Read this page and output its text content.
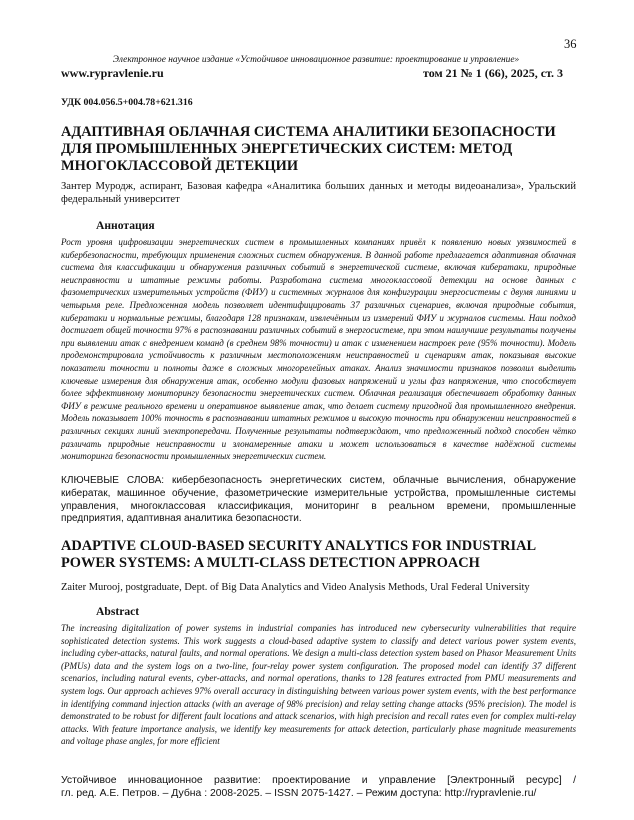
36
Электронное научное издание «Устойчивое инновационное развитие: проектирование и управление»
www.rypravlenie.ru	том 21 № 1 (66), 2025, ст. 3
УДК 004.056.5+004.78+621.316
АДАПТИВНАЯ ОБЛАЧНАЯ СИСТЕМА АНАЛИТИКИ БЕЗОПАСНОСТИ ДЛЯ ПРОМЫШЛЕННЫХ ЭНЕРГЕТИЧЕСКИХ СИСТЕМ: МЕТОД МНОГОКЛАССОВОЙ ДЕТЕКЦИИ
Зантер Муродж, аспирант, Базовая кафедра «Аналитика больших данных и методы видеоанализа», Уральский федеральный университет
Аннотация

Рост уровня цифровизации энергетических систем в промышленных компаниях привёл к появлению новых уязвимостей в кибербезопасности, требующих применения сложных систем обнаружения. В данной работе предлагается адаптивная облачная система для классификации и обнаружения различных событий в энергетической системе, включая кибератаки, природные неисправности и штатные режимы работы. Разработана система многоклассовой детекции на основе данных с фазометрических измерительных устройств (ФИУ) и системных журналов для конфигурации энергосистемы с двумя линиями и четырьмя реле. Предложенная модель позволяет идентифицировать 37 различных сценариев, включая природные события, кибератаки и нормальные режимы, благодаря 128 признакам, извлечённым из измерений ФИУ и журналов системы. Наш подход достигает общей точности 97% в распознавании различных событий в энергосистеме, при этом наилучшие результаты получены при выявлении атак с внедрением команд (в среднем 98% точности) и атак с изменением настроек реле (95% точности). Модель продемонстрировала устойчивость к различным местоположениям неисправностей и сценариям атак, показывая высокие показатели точности и полноты даже в сложных многорелейных атаках. Анализ значимости признаков позволил выделить ключевые измерения для обнаружения атак, особенно модули фазовых напряжений и углы фаз напряжения, что способствует более эффективному мониторингу безопасности энергетических систем. Облачная реализация обеспечивает обработку данных ФИУ в режиме реального времени и оперативное выявление атак, что делает систему пригодной для промышленного внедрения. Модель показывает 100% точность в распознавании штатных режимов и высокую точность при обнаружении неисправностей в различных секциях линий электропередачи. Полученные результаты подтверждают, что предложенный подход способен чётко различать природные неисправности и злонамеренные атаки и может использоваться в качестве надёжной системы мониторинга безопасности промышленных энергетических систем.

КЛЮЧЕВЫЕ СЛОВА: кибербезопасность энергетических систем, облачные вычисления, обнаружение кибератак, машинное обучение, фазометрические измерительные устройства, промышленные системы управления, многоклассовая классификация, мониторинг в реальном времени, промышленные предприятия, адаптивная аналитика безопасности.

ADAPTIVE CLOUD-BASED SECURITY ANALYTICS FOR INDUSTRIAL POWER SYSTEMS: A MULTI-CLASS DETECTION APPROACH
Zaiter Murooj, postgraduate, Dept. of Big Data Analytics and Video Analysis Methods, Ural Federal University
Abstract

The increasing digitalization of power systems in industrial companies has introduced new cybersecurity vulnerabilities that require sophisticated detection systems. This work suggests a cloud-based adaptive system to classify and detect various power system events, including cyber-attacks, natural faults, and normal operations. We design a multi-class detection system based on Phasor Measurement Units (PMUs) data and the system logs on a two-line, four-relay power system configuration. The proposed model can identify 37 different scenarios, including natural events, cyber-attacks, and normal operations, thanks to 128 features extracted from PMU measurements and system logs. Our approach achieves 97% overall accuracy in distinguishing between various power system events, with the best performance in identifying command injection attacks (with an average of 98% precision) and relay setting change attacks (95% precision). The model is demonstrated to be robust for different fault locations and attack scenarios, with high precision and recall rates even for complex multi-relay attacks. With feature importance analysis, we identify key measurements for attack detection, particularly phase magnitude measurements and voltage phase angles, for more efficient

Устойчивое инновационное развитие: проектирование и управление [Электронный ресурс] /
гл. ред. А.Е. Петров. – Дубна : 2008-2025. – ISSN 2075-1427. – Режим доступа: http://rypravlenie.ru/
